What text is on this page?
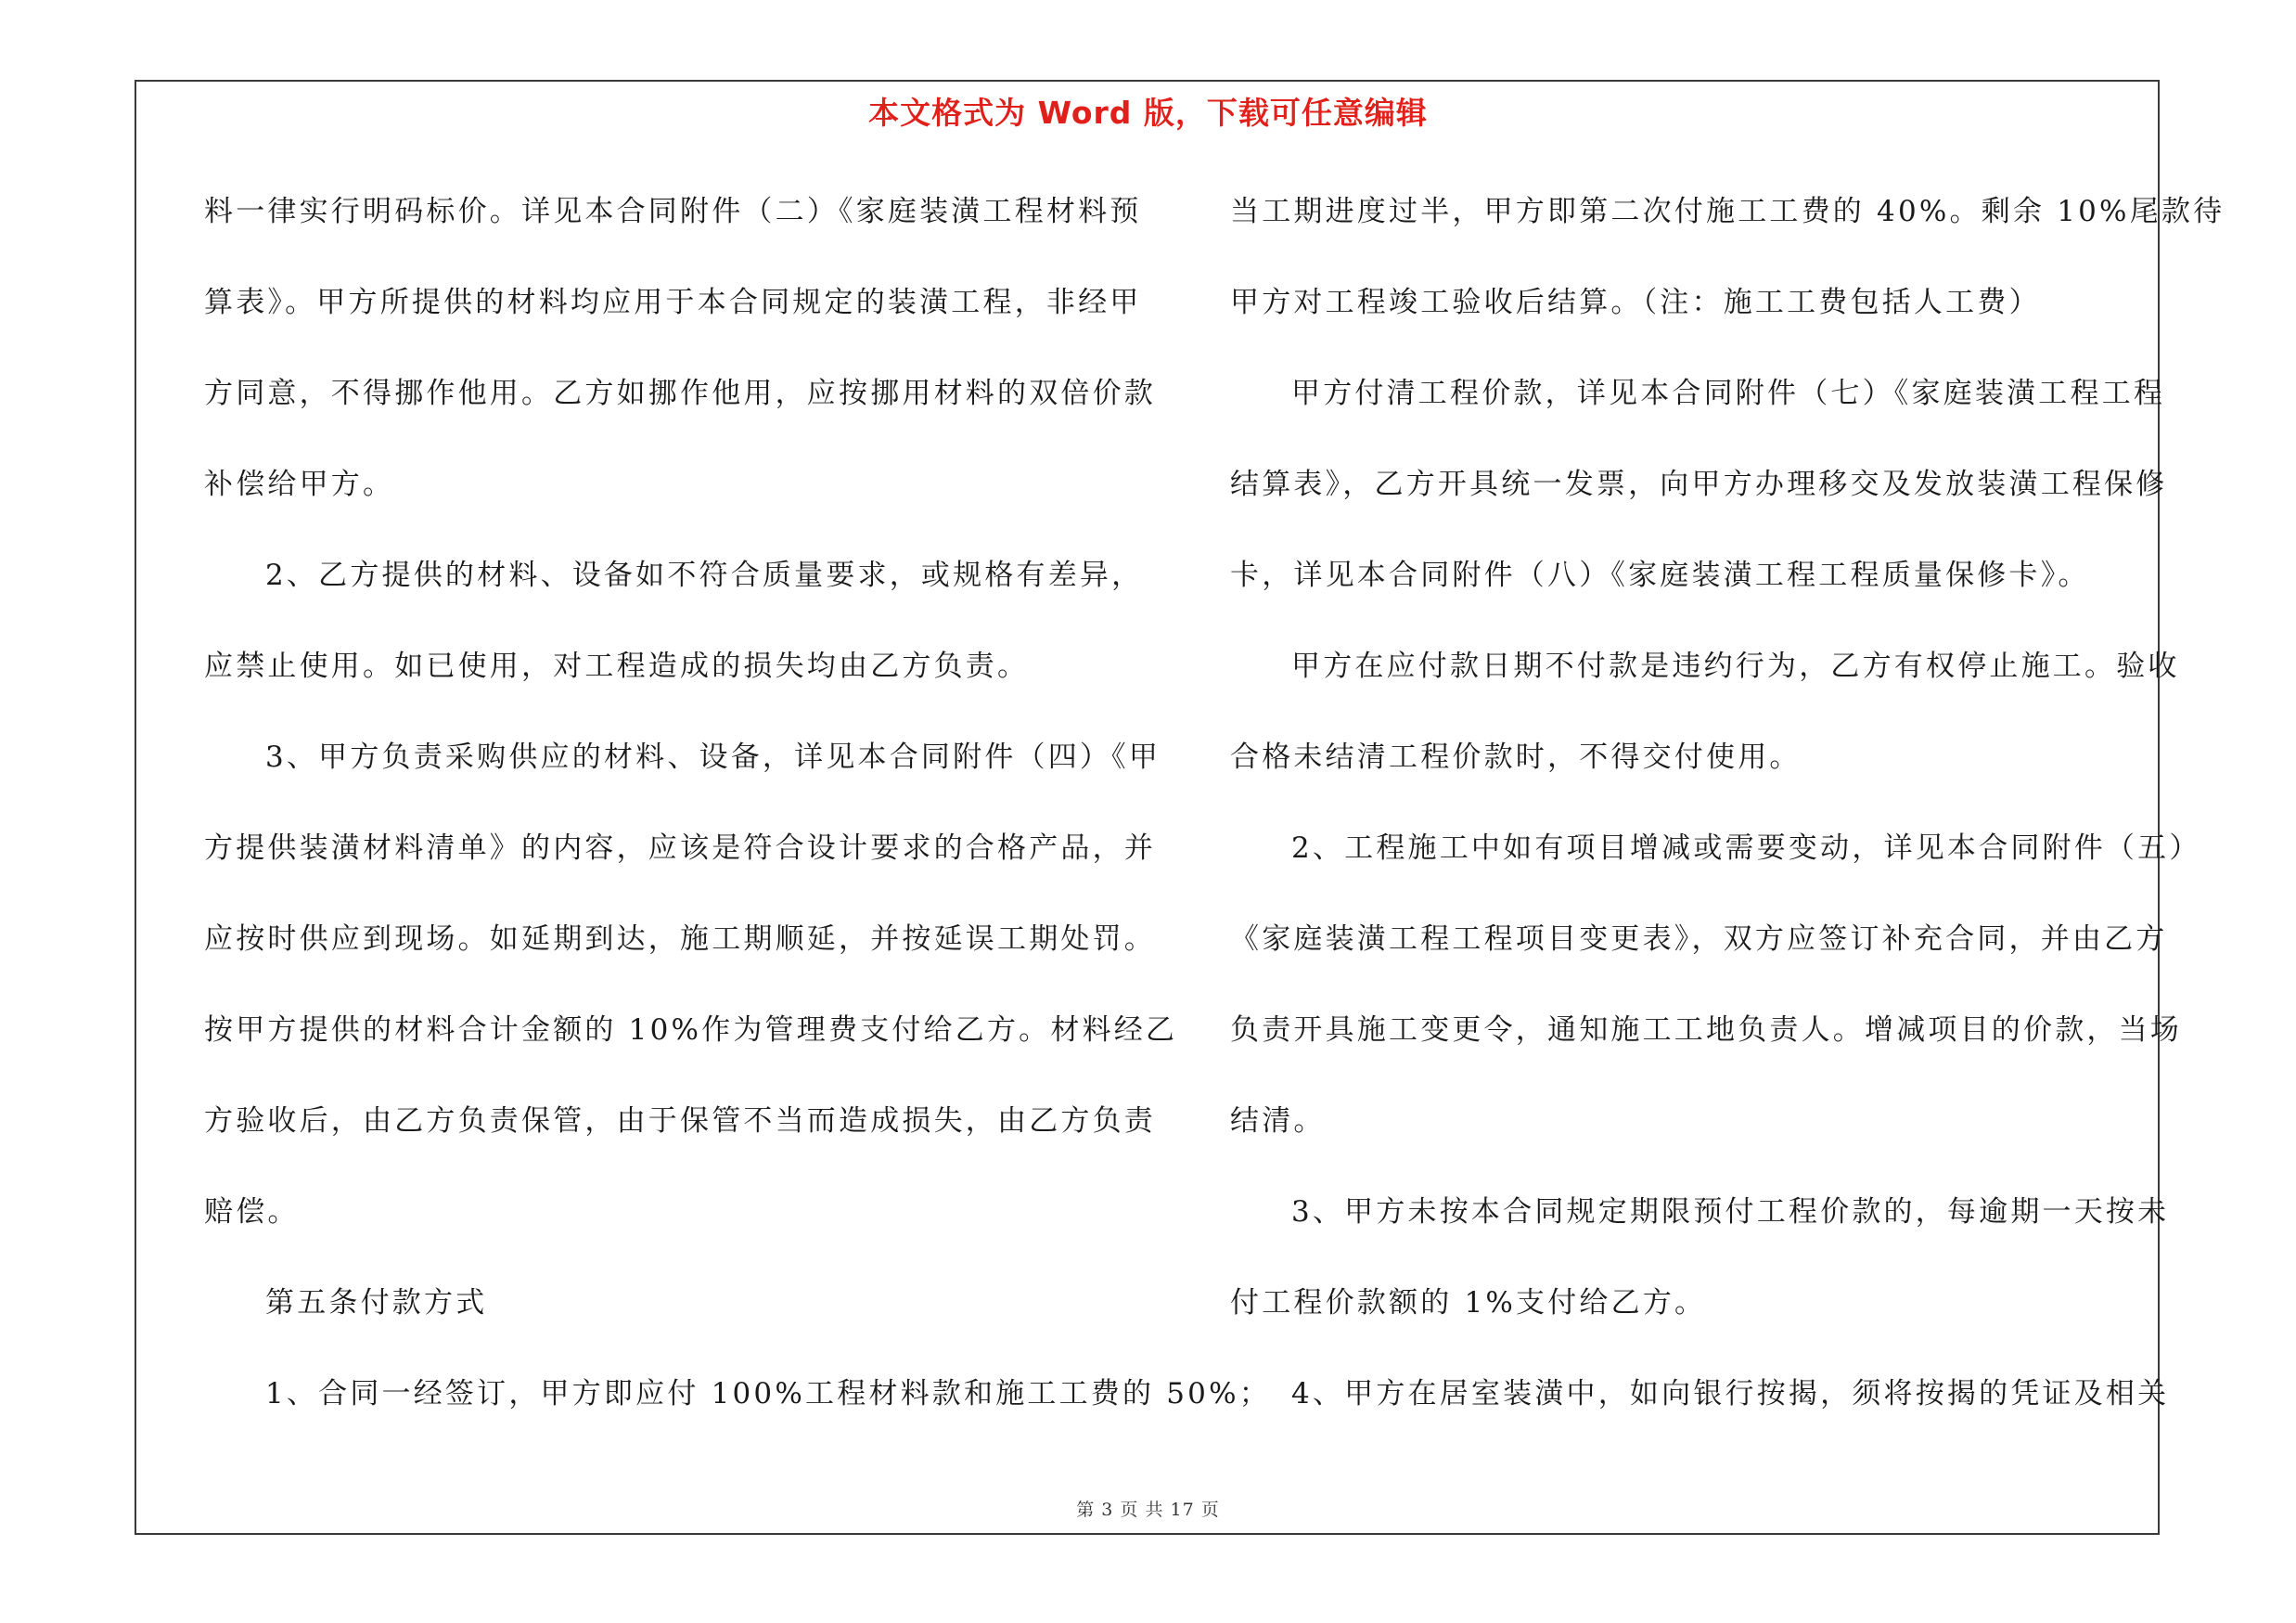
本文格式为 Word 版，下载可任意编辑
料一律实行明码标价。详见本合同附件（二）《家庭装潢工程材料预
算表》。甲方所提供的材料均应用于本合同规定的装潢工程，非经甲
方同意，不得挪作他用。乙方如挪作他用，应按挪用材料的双倍价款
补偿给甲方。
2、乙方提供的材料、设备如不符合质量要求，或规格有差异，
应禁止使用。如已使用，对工程造成的损失均由乙方负责。
3、甲方负责采购供应的材料、设备，详见本合同附件（四）《甲
方提供装潢材料清单》的内容，应该是符合设计要求的合格产品，并
应按时供应到现场。如延期到达，施工期顺延，并按延误工期处罚。
按甲方提供的材料合计金额的 10%作为管理费支付给乙方。材料经乙
方验收后，由乙方负责保管，由于保管不当而造成损失，由乙方负责
赔偿。
第五条付款方式
1、合同一经签订，甲方即应付 100%工程材料款和施工工费的 50%；
当工期进度过半，甲方即第二次付施工工费的 40%。剩余 10%尾款待
甲方对工程竣工验收后结算。（注：施工工费包括人工费）
甲方付清工程价款，详见本合同附件（七）《家庭装潢工程工程
结算表》，乙方开具统一发票，向甲方办理移交及发放装潢工程保修
卡，详见本合同附件（八）《家庭装潢工程工程质量保修卡》。
甲方在应付款日期不付款是违约行为，乙方有权停止施工。验收
合格未结清工程价款时，不得交付使用。
2、工程施工中如有项目增减或需要变动，详见本合同附件（五）
《家庭装潢工程工程项目变更表》，双方应签订补充合同，并由乙方
负责开具施工变更令，通知施工工地负责人。增减项目的价款，当场
结清。
3、甲方未按本合同规定期限预付工程价款的，每逾期一天按未
付工程价款额的 1%支付给乙方。
4、甲方在居室装潢中，如向银行按揭，须将按揭的凭证及相关
第 3 页 共 17 页
